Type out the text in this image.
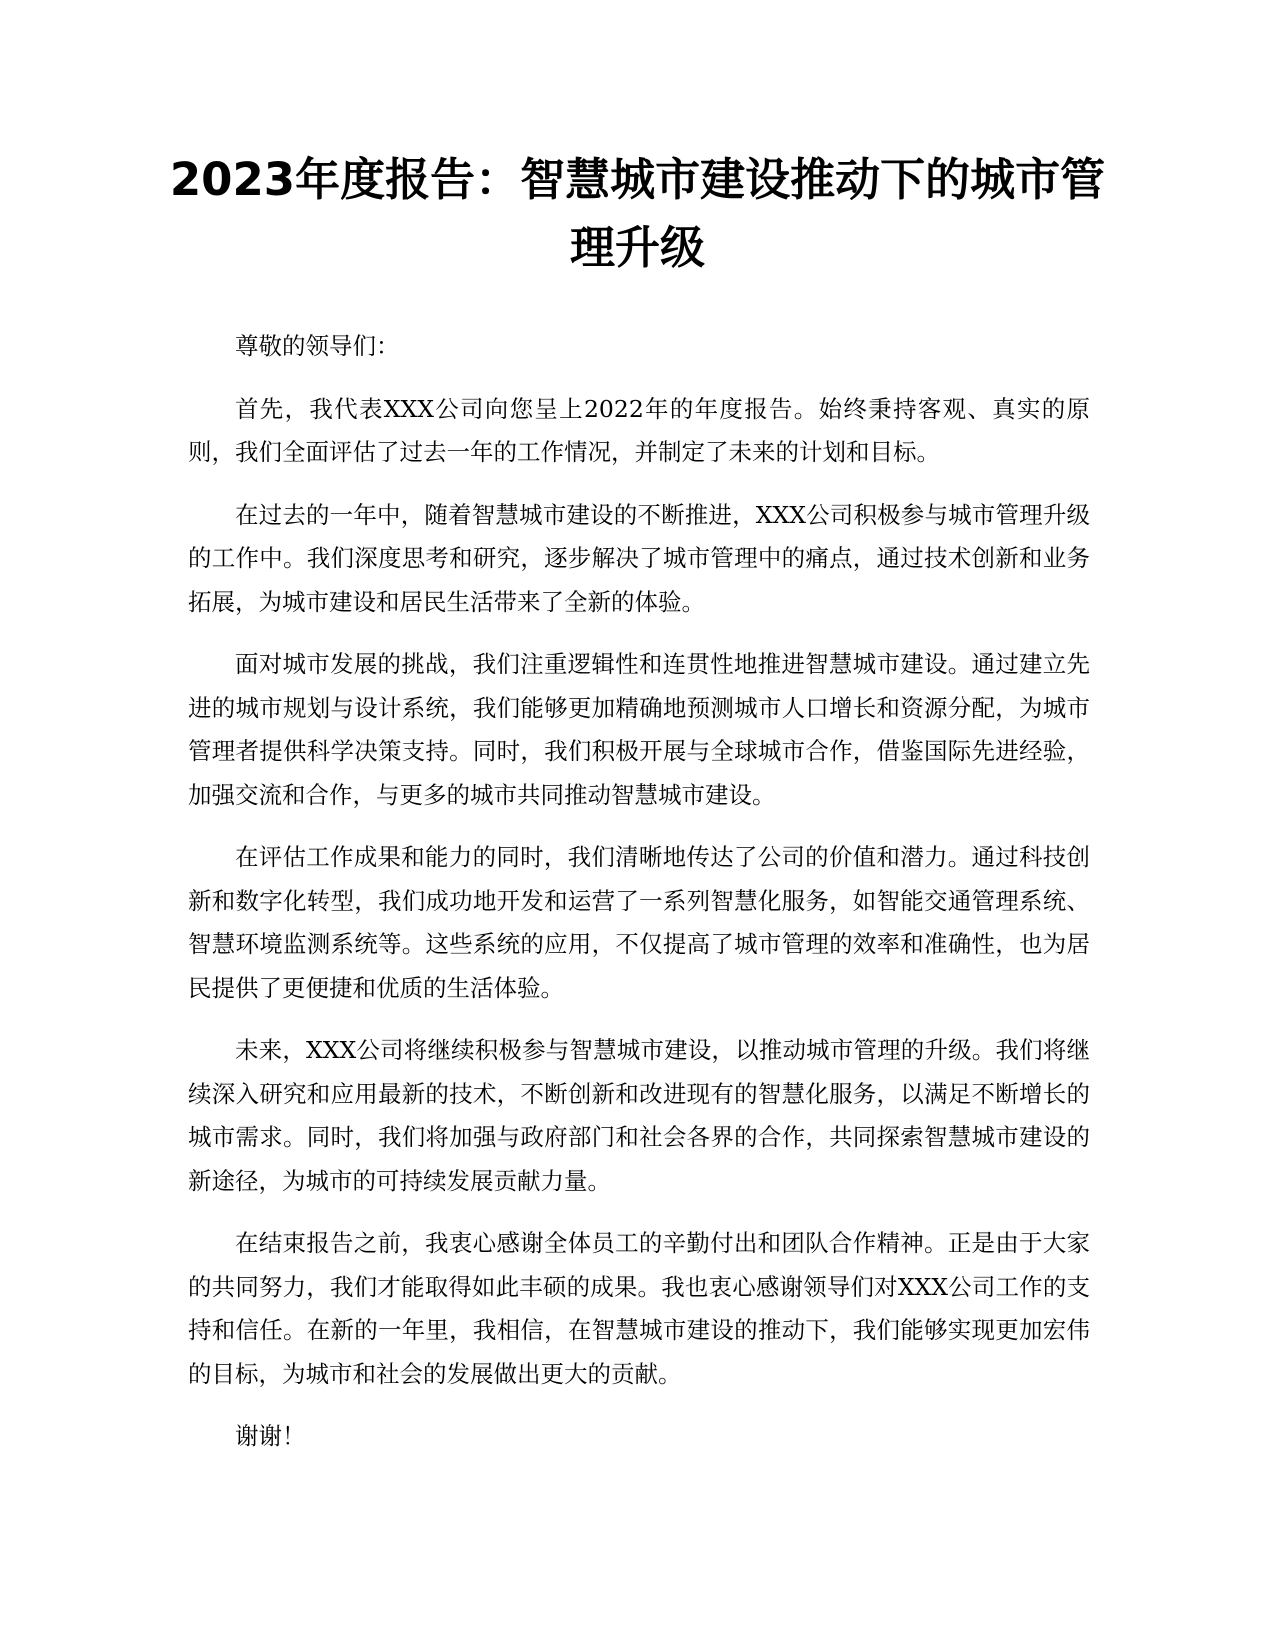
2023年度报告：智慧城市建设推动下的城市管理升级

尊敬的领导们：

首先，我代表XXX公司向您呈上2022年的年度报告。始终秉持客观、真实的原则，我们全面评估了过去一年的工作情况，并制定了未来的计划和目标。

在过去的一年中，随着智慧城市建设的不断推进，XXX公司积极参与城市管理升级的工作中。我们深度思考和研究，逐步解决了城市管理中的痛点，通过技术创新和业务拓展，为城市建设和居民生活带来了全新的体验。

面对城市发展的挑战，我们注重逻辑性和连贯性地推进智慧城市建设。通过建立先进的城市规划与设计系统，我们能够更加精确地预测城市人口增长和资源分配，为城市管理者提供科学决策支持。同时，我们积极开展与全球城市合作，借鉴国际先进经验，加强交流和合作，与更多的城市共同推动智慧城市建设。

在评估工作成果和能力的同时，我们清晰地传达了公司的价值和潜力。通过科技创新和数字化转型，我们成功地开发和运营了一系列智慧化服务，如智能交通管理系统、智慧环境监测系统等。这些系统的应用，不仅提高了城市管理的效率和准确性，也为居民提供了更便捷和优质的生活体验。

未来，XXX公司将继续积极参与智慧城市建设，以推动城市管理的升级。我们将继续深入研究和应用最新的技术，不断创新和改进现有的智慧化服务，以满足不断增长的城市需求。同时，我们将加强与政府部门和社会各界的合作，共同探索智慧城市建设的新途径，为城市的可持续发展贡献力量。

在结束报告之前，我衷心感谢全体员工的辛勤付出和团队合作精神。正是由于大家的共同努力，我们才能取得如此丰硕的成果。我也衷心感谢领导们对XXX公司工作的支持和信任。在新的一年里，我相信，在智慧城市建设的推动下，我们能够实现更加宏伟的目标，为城市和社会的发展做出更大的贡献。

谢谢！
